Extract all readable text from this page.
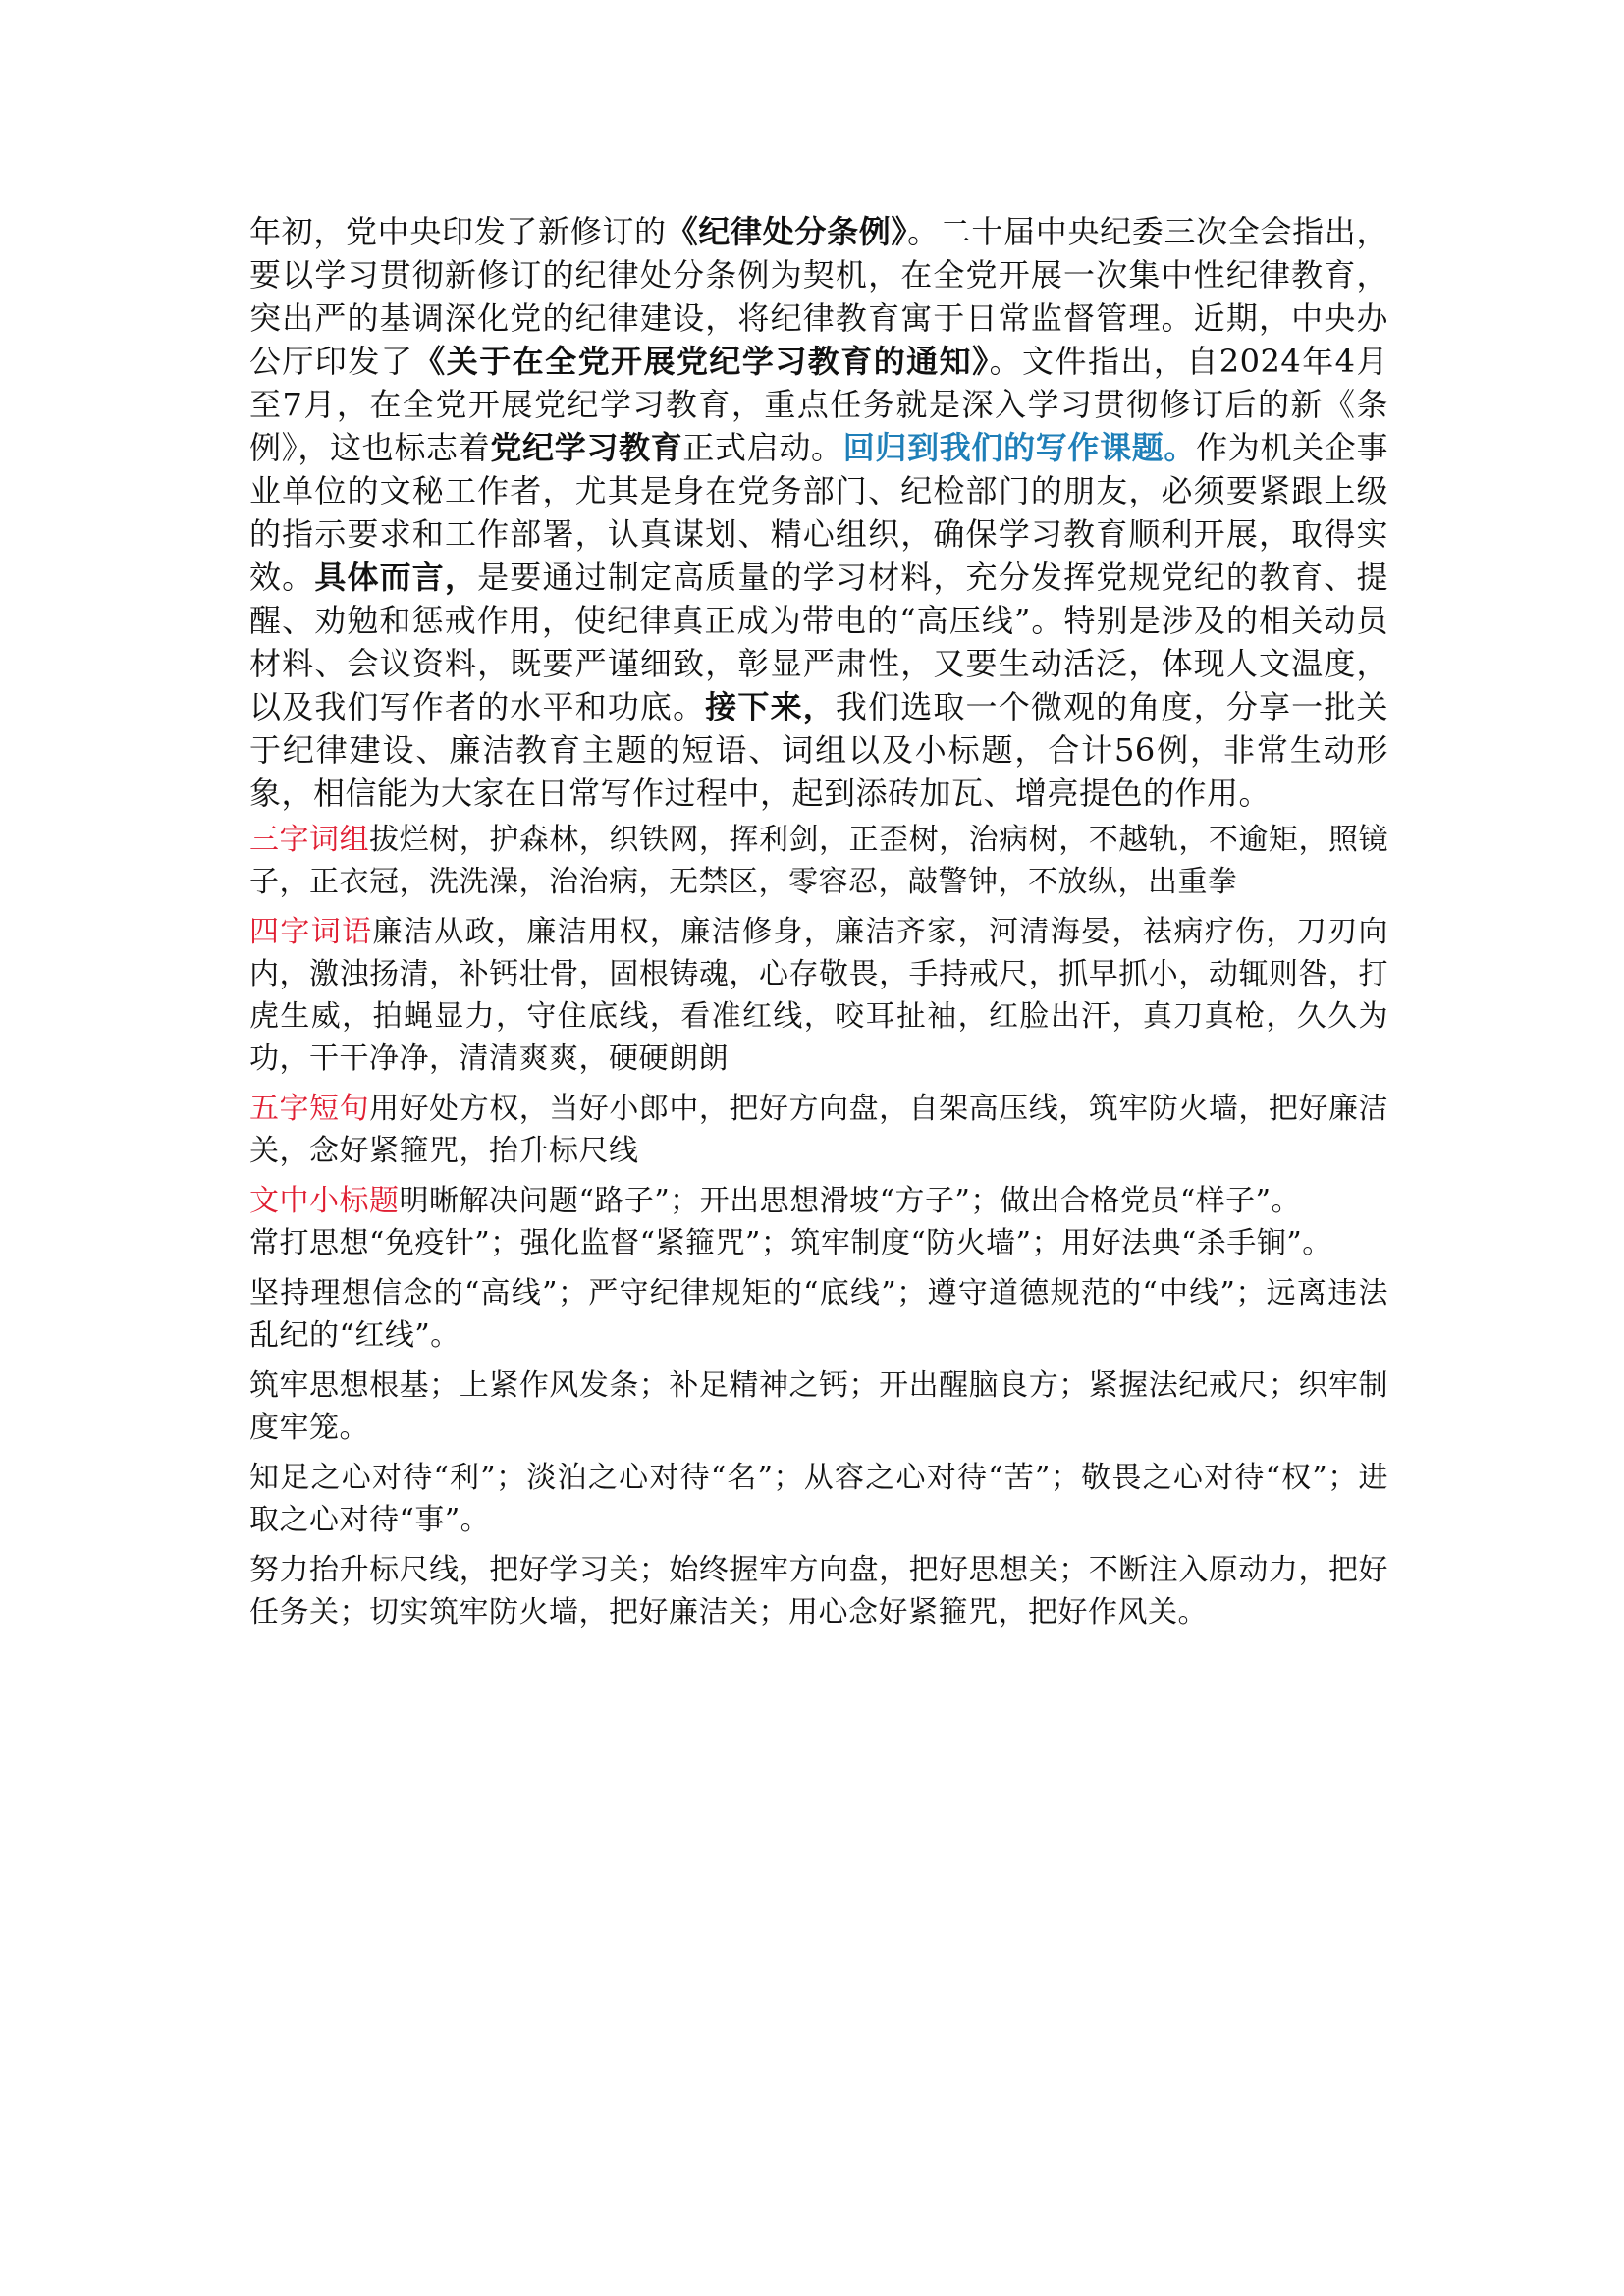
年初，党中央印发了新修订的《纪律处分条例》。二十届中央纪委三次全会指出，要以学习贯彻新修订的纪律处分条例为契机，在全党开展一次集中性纪律教育，突出严的基调深化党的纪律建设，将纪律教育寓于日常监督管理。近期，中央办公厅印发了《关于在全党开展党纪学习教育的通知》。文件指出，自2024年4月至7月，在全党开展党纪学习教育，重点任务就是深入学习贯彻修订后的新《条例》，这也标志着党纪学习教育正式启动。回归到我们的写作课题。作为机关企事业单位的文秘工作者，尤其是身在党务部门、纪检部门的朋友，必须要紧跟上级的指示要求和工作部署，认真谋划、精心组织，确保学习教育顺利开展，取得实效。具体而言，是要通过制定高质量的学习材料，充分发挥党规党纪的教育、提醒、劝勉和惩戒作用，使纪律真正成为带电的“高压线”。特别是涉及的相关动员材料、会议资料，既要严谨细致，彰显严肃性，又要生动活泛，体现人文温度，以及我们写作者的水平和功底。接下来，我们选取一个微观的角度，分享一批关于纪律建设、廉洁教育主题的短语、词组以及小标题，合计56例，非常生动形象，相信能为大家在日常写作过程中，起到添砖加瓦、增亮提色的作用。

三字词组拔烂树，护森林，织铁网，挥利剑，正歪树，治病树，不越轨，不逾矩，照镜子，正衣冠，洗洗澡，治治病，无禁区，零容忍，敲警钟，不放纵，出重拳

四字词语廉洁从政，廉洁用权，廉洁修身，廉洁齐家，河清海晏，祛病疗伤，刀刃向内，激浊扬清，补钙壮骨，固根铸魂，心存敬畏，手持戒尺，抓早抓小，动辄则咎，打虎生威，拍蝇显力，守住底线，看准红线，咬耳扯袖，红脸出汗，真刀真枪，久久为功，干干净净，清清爽爽，硬硬朗朗

五字短句用好处方权，当好小郎中，把好方向盘，自架高压线，筑牢防火墙，把好廉洁关，念好紧箍咒，抬升标尺线

文中小标题明晰解决问题“路子”；开出思想滑坡“方子”；做出合格党员“样子”。
常打思想“免疫针”；强化监督“紧箍咒”；筑牢制度“防火墙”；用好法典“杀手锏”。

坚持理想信念的“高线”；严守纪律规矩的“底线”；遵守道德规范的“中线”；远离违法乱纪的“红线”。

筑牢思想根基；上紧作风发条；补足精神之钙；开出醒脑良方；紧握法纪戒尺；织牢制度牢笼。

知足之心对待“利”；淡泊之心对待“名”；从容之心对待“苦”；敬畏之心对待“权”；进取之心对待“事”。

努力抬升标尺线，把好学习关；始终握牢方向盘，把好思想关；不断注入原动力，把好任务关；切实筑牢防火墙，把好廉洁关；用心念好紧箍咒，把好作风关。
